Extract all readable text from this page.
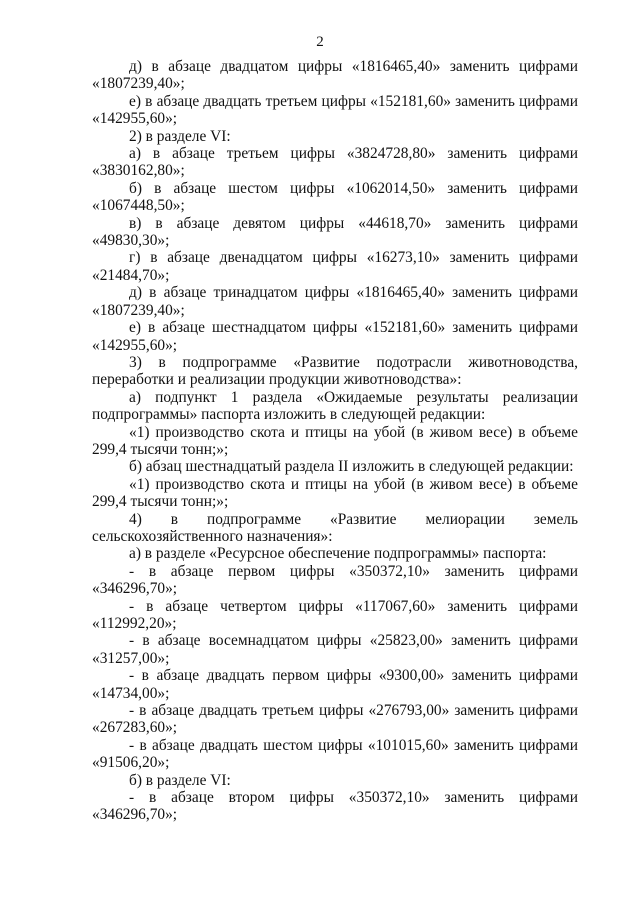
2

д) в абзаце двадцатом цифры «1816465,40» заменить цифрами «1807239,40»;

е) в абзаце двадцать третьем цифры «152181,60» заменить цифрами «142955,60»;

2) в разделе VI:

а) в абзаце третьем цифры «3824728,80» заменить цифрами «3830162,80»;

б) в абзаце шестом цифры «1062014,50» заменить цифрами «1067448,50»;

в) в абзаце девятом цифры «44618,70» заменить цифрами «49830,30»;

г) в абзаце двенадцатом цифры «16273,10» заменить цифрами «21484,70»;

д) в абзаце тринадцатом цифры «1816465,40» заменить цифрами «1807239,40»;

е) в абзаце шестнадцатом цифры «152181,60» заменить цифрами «142955,60»;

3) в подпрограмме «Развитие подотрасли животноводства, переработки и реализации продукции животноводства»:

а) подпункт 1 раздела «Ожидаемые результаты реализации подпрограммы» паспорта изложить в следующей редакции:

«1) производство скота и птицы на убой (в живом весе) в объеме 299,4 тысячи тонн;»;

б) абзац шестнадцатый раздела II изложить в следующей редакции:

«1) производство скота и птицы на убой (в живом весе) в объеме 299,4 тысячи тонн;»;

4) в подпрограмме «Развитие мелиорации земель сельскохозяйственного назначения»:

а) в разделе «Ресурсное обеспечение подпрограммы» паспорта:

- в абзаце первом цифры «350372,10» заменить цифрами «346296,70»;

- в абзаце четвертом цифры «117067,60» заменить цифрами «112992,20»;

- в абзаце восемнадцатом цифры «25823,00» заменить цифрами «31257,00»;

- в абзаце двадцать первом цифры «9300,00» заменить цифрами «14734,00»;

- в абзаце двадцать третьем цифры «276793,00» заменить цифрами «267283,60»;

- в абзаце двадцать шестом цифры «101015,60» заменить цифрами «91506,20»;

б) в разделе VI:

- в абзаце втором цифры «350372,10» заменить цифрами «346296,70»;
